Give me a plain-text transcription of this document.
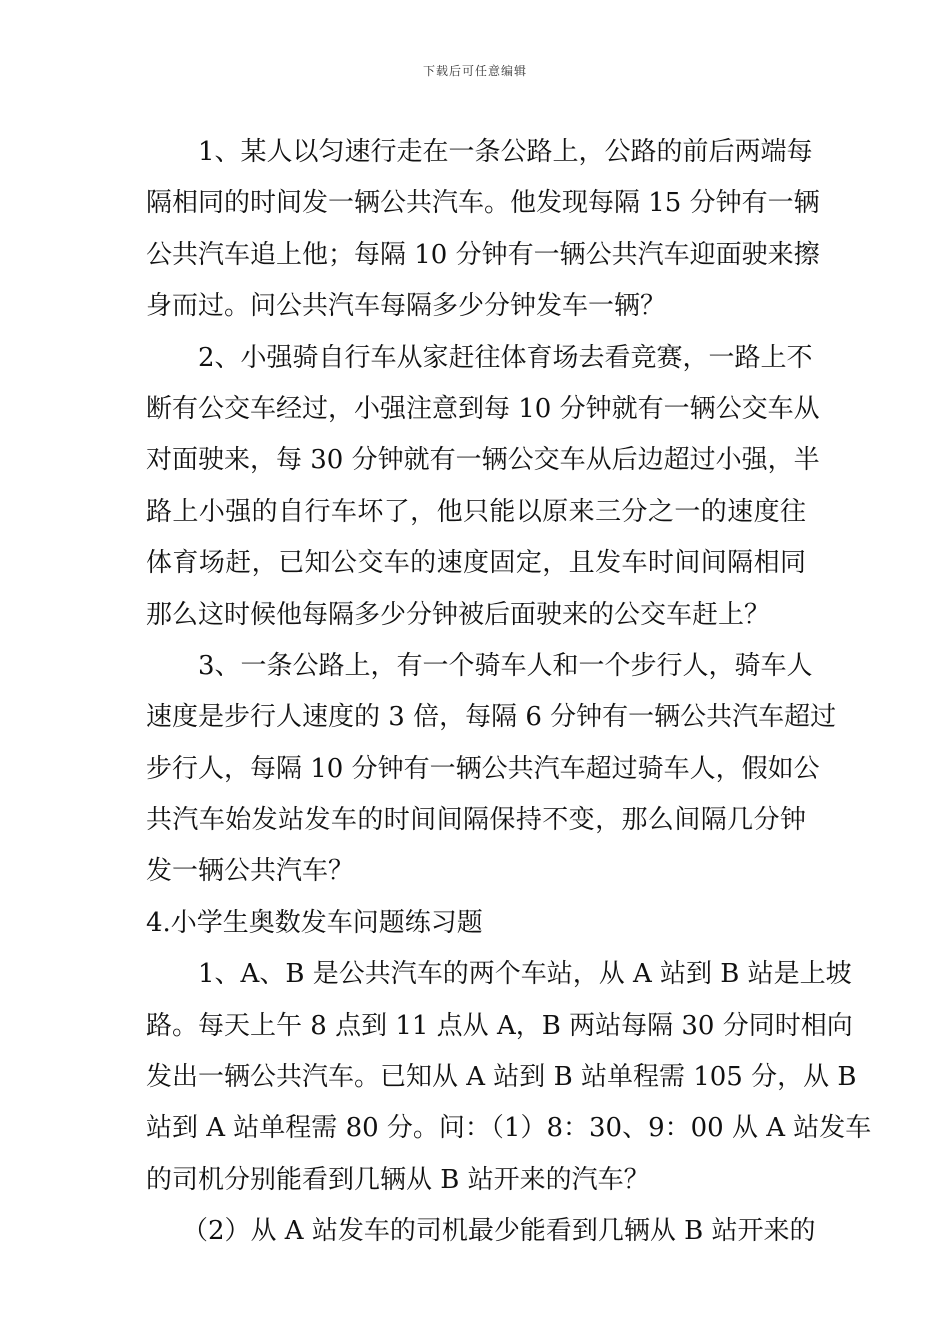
下载后可任意编辑
1、某人以匀速行走在一条公路上，公路的前后两端每
隔相同的时间发一辆公共汽车。他发现每隔 15 分钟有一辆
公共汽车追上他；每隔 10 分钟有一辆公共汽车迎面驶来擦
身而过。问公共汽车每隔多少分钟发车一辆？
2、小强骑自行车从家赶往体育场去看竞赛，一路上不
断有公交车经过，小强注意到每 10 分钟就有一辆公交车从
对面驶来，每 30 分钟就有一辆公交车从后边超过小强，半
路上小强的自行车坏了，他只能以原来三分之一的速度往
体育场赶，已知公交车的速度固定，且发车时间间隔相同
那么这时候他每隔多少分钟被后面驶来的公交车赶上？
3、一条公路上，有一个骑车人和一个步行人，骑车人
速度是步行人速度的 3 倍，每隔 6 分钟有一辆公共汽车超过
步行人，每隔 10 分钟有一辆公共汽车超过骑车人，假如公
共汽车始发站发车的时间间隔保持不变，那么间隔几分钟
发一辆公共汽车？
4.小学生奥数发车问题练习题
1、A、B 是公共汽车的两个车站，从 A 站到 B 站是上坡
路。每天上午 8 点到 11 点从 A，B 两站每隔 30 分同时相向
发出一辆公共汽车。已知从 A 站到 B 站单程需 105 分，从 B
站到 A 站单程需 80 分。问：（1）8：30、9：00 从 A 站发车
的司机分别能看到几辆从 B 站开来的汽车？
（2）从 A 站发车的司机最少能看到几辆从 B 站开来的
